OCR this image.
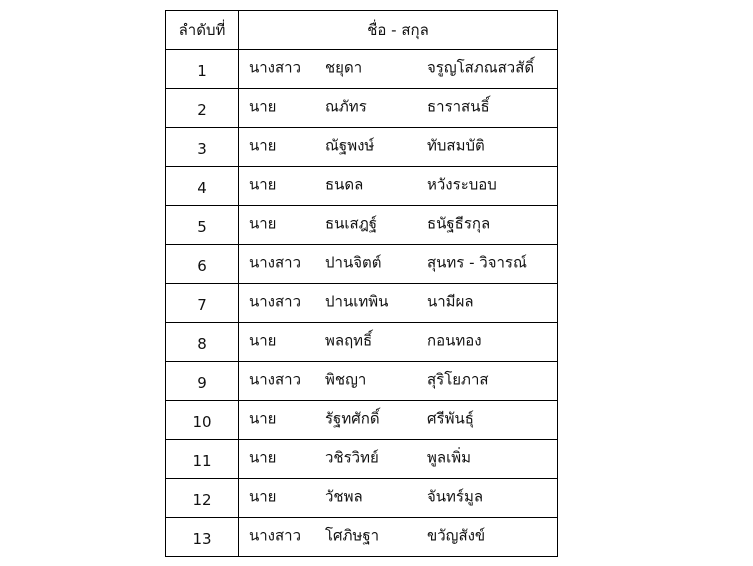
ลำดับที่	ชื่อ - สกุล
1	นางสาว ชยุดา จรูญโสภณสวสัดิ์

2	นาย ณภัทร ธาราสนธิ์

3	นาย ณัฐพงษ์ ทับสมบัติ

4	นาย ธนดล หวังระบอบ

5	นาย ธนเสฎฐ์ ธนัฐธีรกุล

6	นางสาว ปานจิตต์ สุนทร - วิจารณ์

7	นางสาว ปานเทพิน นามีผล

8	นาย พลฤทธิ์ กอนทอง

9	นางสาว พิชญา สุริโยภาส

10	นาย รัฐทศักดิ์ ศรีพันธุ์

11	นาย วชิรวิทย์ พูลเพิ่ม

12	นาย วัชพล จันทร์มูล

13	นางสาว โศภิษฐา ขวัญสังข์
